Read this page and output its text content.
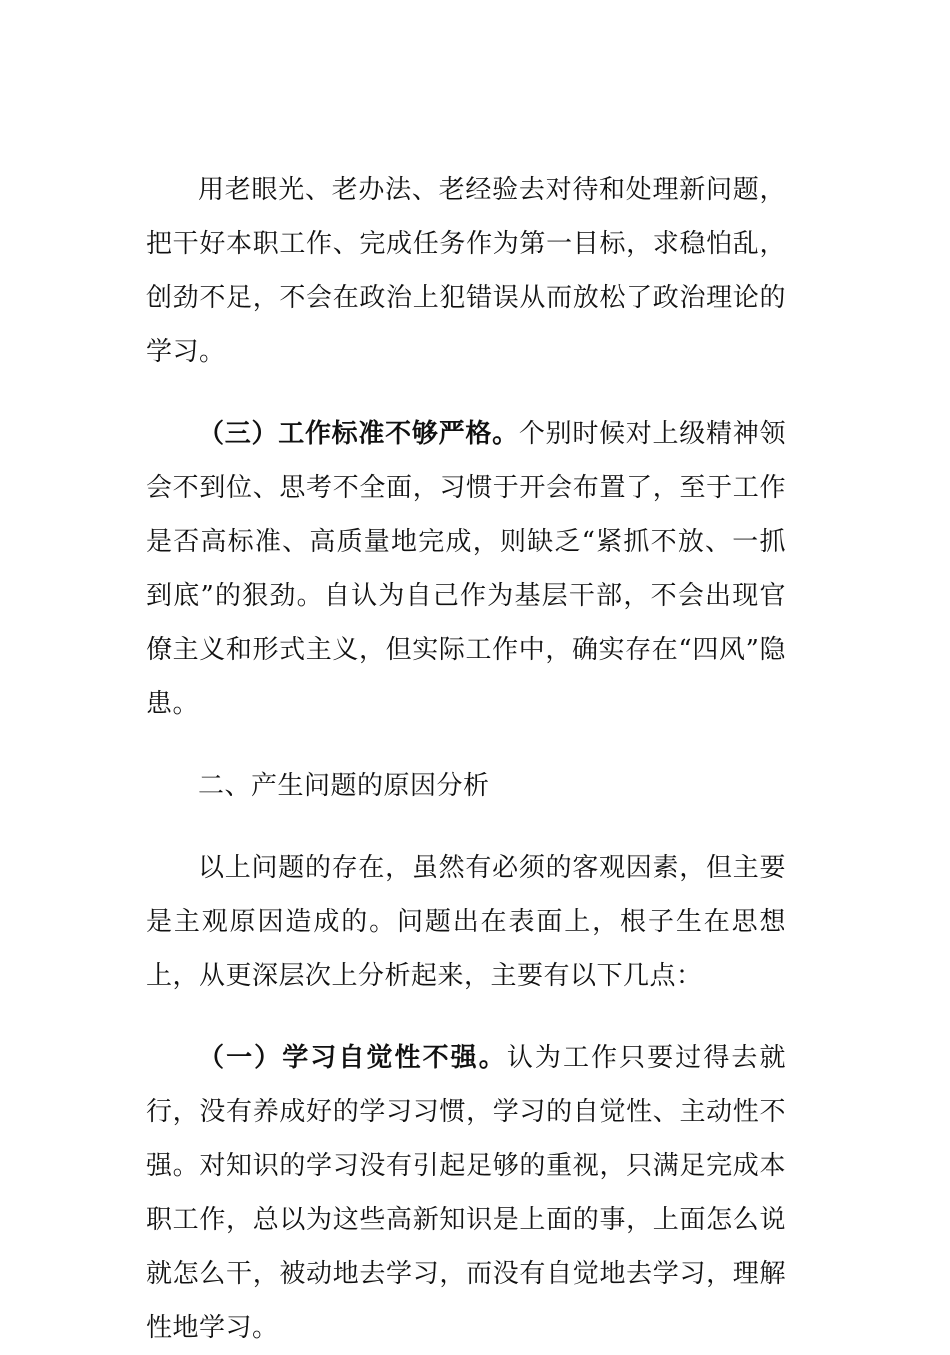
用老眼光、老办法、老经验去对待和处理新问题，把干好本职工作、完成任务作为第一目标，求稳怕乱，创劲不足，不会在政治上犯错误从而放松了政治理论的学习。

（三）工作标准不够严格。个别时候对上级精神领会不到位、思考不全面，习惯于开会布置了，至于工作是否高标准、高质量地完成，则缺乏“紧抓不放、一抓到底”的狠劲。自认为自己作为基层干部，不会出现官僚主义和形式主义，但实际工作中，确实存在“四风”隐患。

二、产生问题的原因分析

以上问题的存在，虽然有必须的客观因素，但主要是主观原因造成的。问题出在表面上，根子生在思想上，从更深层次上分析起来，主要有以下几点：

（一）学习自觉性不强。认为工作只要过得去就行，没有养成好的学习习惯，学习的自觉性、主动性不强。对知识的学习没有引起足够的重视，只满足完成本职工作，总以为这些高新知识是上面的事，上面怎么说就怎么干，被动地去学习，而没有自觉地去学习，理解性地学习。
